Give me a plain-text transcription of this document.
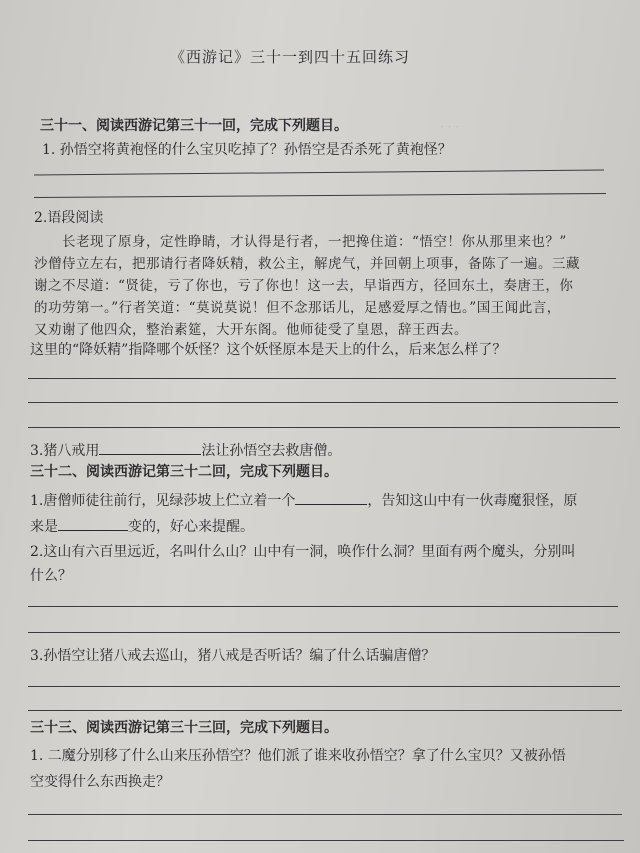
· · ·
《西游记》三十一到四十五回练习
三十一、阅读西游记第三十一回，完成下列题目。
1. 孙悟空将黄袍怪的什么宝贝吃掉了？孙悟空是否杀死了黄袍怪？
2.语段阅读
长老现了原身，定性睁睛，才认得是行者，一把搀住道：“悟空！你从那里来也？”
沙僧侍立左右，把那请行者降妖精，救公主，解虎气，并回朝上项事，备陈了一遍。三藏
谢之不尽道：“贤徒，亏了你也，亏了你也！这一去，早诣西方，径回东土，奏唐王，你
的功劳第一。”行者笑道：“莫说莫说！但不念那话儿，足感爱厚之情也。”国王闻此言，
又劝谢了他四众，整治素筵，大开东阁。他师徒受了皇恩，辞王西去。
这里的“降妖精”指降哪个妖怪？这个妖怪原本是天上的什么，后来怎么样了？
3.猪八戒用	法让孙悟空去救唐僧。
三十二、阅读西游记第三十二回，完成下列题目。
1.唐僧师徒往前行，见绿莎坡上伫立着一个	，告知这山中有一伙毒魔狠怪，原
来是	变的，好心来提醒。
2.这山有六百里远近，名叫什么山？山中有一洞，唤作什么洞？里面有两个魔头，分别叫
什么？
3.孙悟空让猪八戒去巡山，猪八戒是否听话？编了什么话骗唐僧？
三十三、阅读西游记第三十三回，完成下列题目。
1. 二魔分别移了什么山来压孙悟空？他们派了谁来收孙悟空？拿了什么宝贝？又被孙悟
空变得什么东西换走？
